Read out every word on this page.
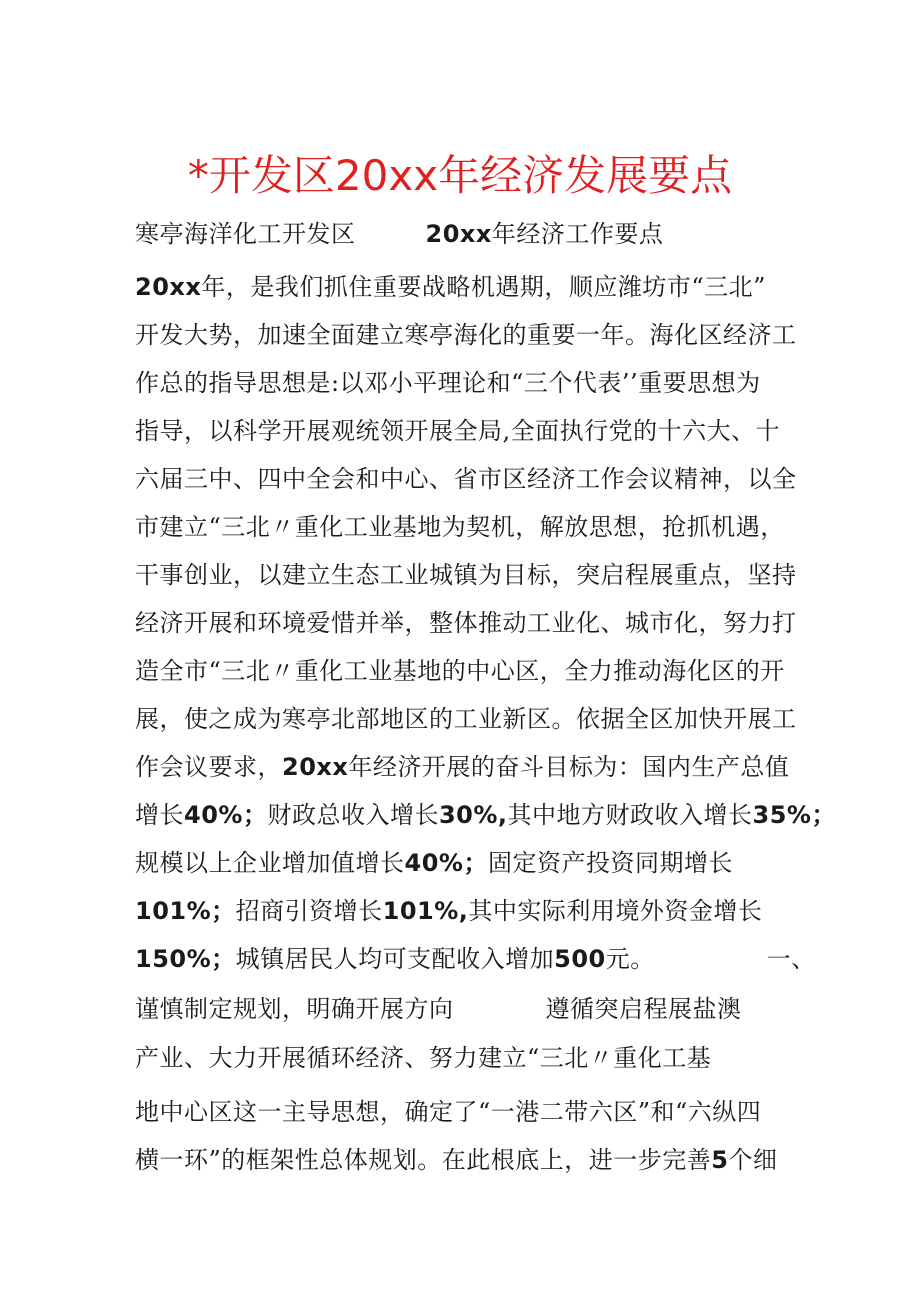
*开发区20xx年经济发展要点
寒亭海洋化工开发区	20xx年经济工作要点
20xx年，是我们抓住重要战略机遇期，顺应潍坊市“三北”
开发大势，加速全面建立寒亭海化的重要一年。海化区经济工
作总的指导思想是:以邓小平理论和“三个代表’’重要思想为
指导，以科学开展观统领开展全局,全面执行党的十六大、十
六届三中、四中全会和中心、省市区经济工作会议精神，以全
市建立“三北〃重化工业基地为契机，解放思想，抢抓机遇，
干事创业，以建立生态工业城镇为目标，突启程展重点，坚持
经济开展和环境爱惜并举，整体推动工业化、城市化，努力打
造全市“三北〃重化工业基地的中心区，全力推动海化区的开
展，使之成为寒亭北部地区的工业新区。依据全区加快开展工
作会议要求，20xx年经济开展的奋斗目标为：国内生产总值
增长40%；财政总收入增长30%,其中地方财政收入增长35%；
规模以上企业增加值增长40%；固定资产投资同期增长
101%；招商引资增长101%,其中实际利用境外资金增长
150%；城镇居民人均可支配收入增加500元。	一、
谨慎制定规划，明确开展方向	遵循突启程展盐澳
产业、大力开展循环经济、努力建立“三北〃重化工基
地中心区这一主导思想，确定了“一港二带六区”和“六纵四
横一环”的框架性总体规划。在此根底上，进一步完善5个细
